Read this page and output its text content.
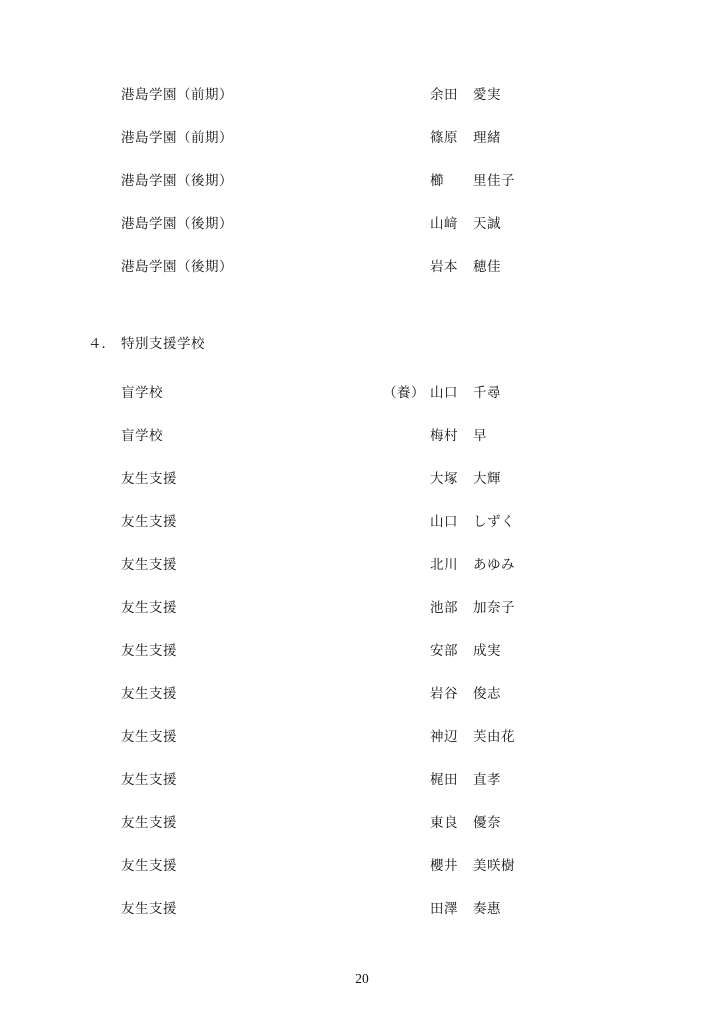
港島学園（前期）	余田 愛実
港島学園（前期）	篠原 理緒
港島学園（後期）	櫛 里佳子
港島学園（後期）	山﨑 天誠
港島学園（後期）	岩本 穂佳
４． 特別支援学校
盲学校	（養） 山口 千尋
盲学校	梅村 早
友生支援	大塚 大輝
友生支援	山口 しずく
友生支援	北川 あゆみ
友生支援	池部 加奈子
友生支援	安部 成実
友生支援	岩谷 俊志
友生支援	神辺 芙由花
友生支援	梶田 直孝
友生支援	東良 優奈
友生支援	櫻井 美咲樹
友生支援	田澤 奏惠
20
